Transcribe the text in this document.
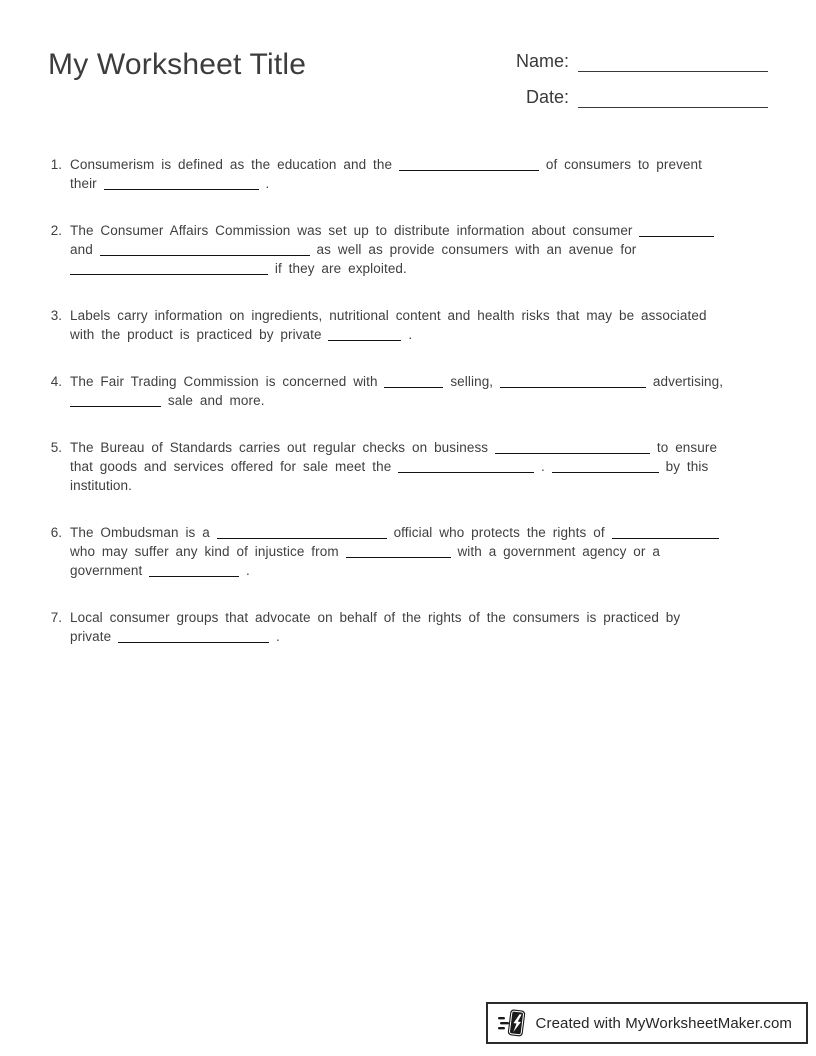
My Worksheet Title	Name:
Date:
1. Consumerism is defined as the education and the	of consumers to prevent
their	.
2. The Consumer Affairs Commission was set up to distribute information about consumer
and	as well as provide consumers with an avenue for
if they are exploited.
3. Labels carry information on ingredients, nutritional content and health risks that may be associated
with the product is practiced by private	.
4. The Fair Trading Commission is concerned with	selling,	advertising,
sale and more.
5. The Bureau of Standards carries out regular checks on business	to ensure
that goods and services offered for sale meet the	.	by this
institution.
6. The Ombudsman is a	official who protects the rights of
who may suffer any kind of injustice from	with a government agency or a
government	.
7. Local consumer groups that advocate on behalf of the rights of the consumers is practiced by
private	.
Created with MyWorksheetMaker.com
